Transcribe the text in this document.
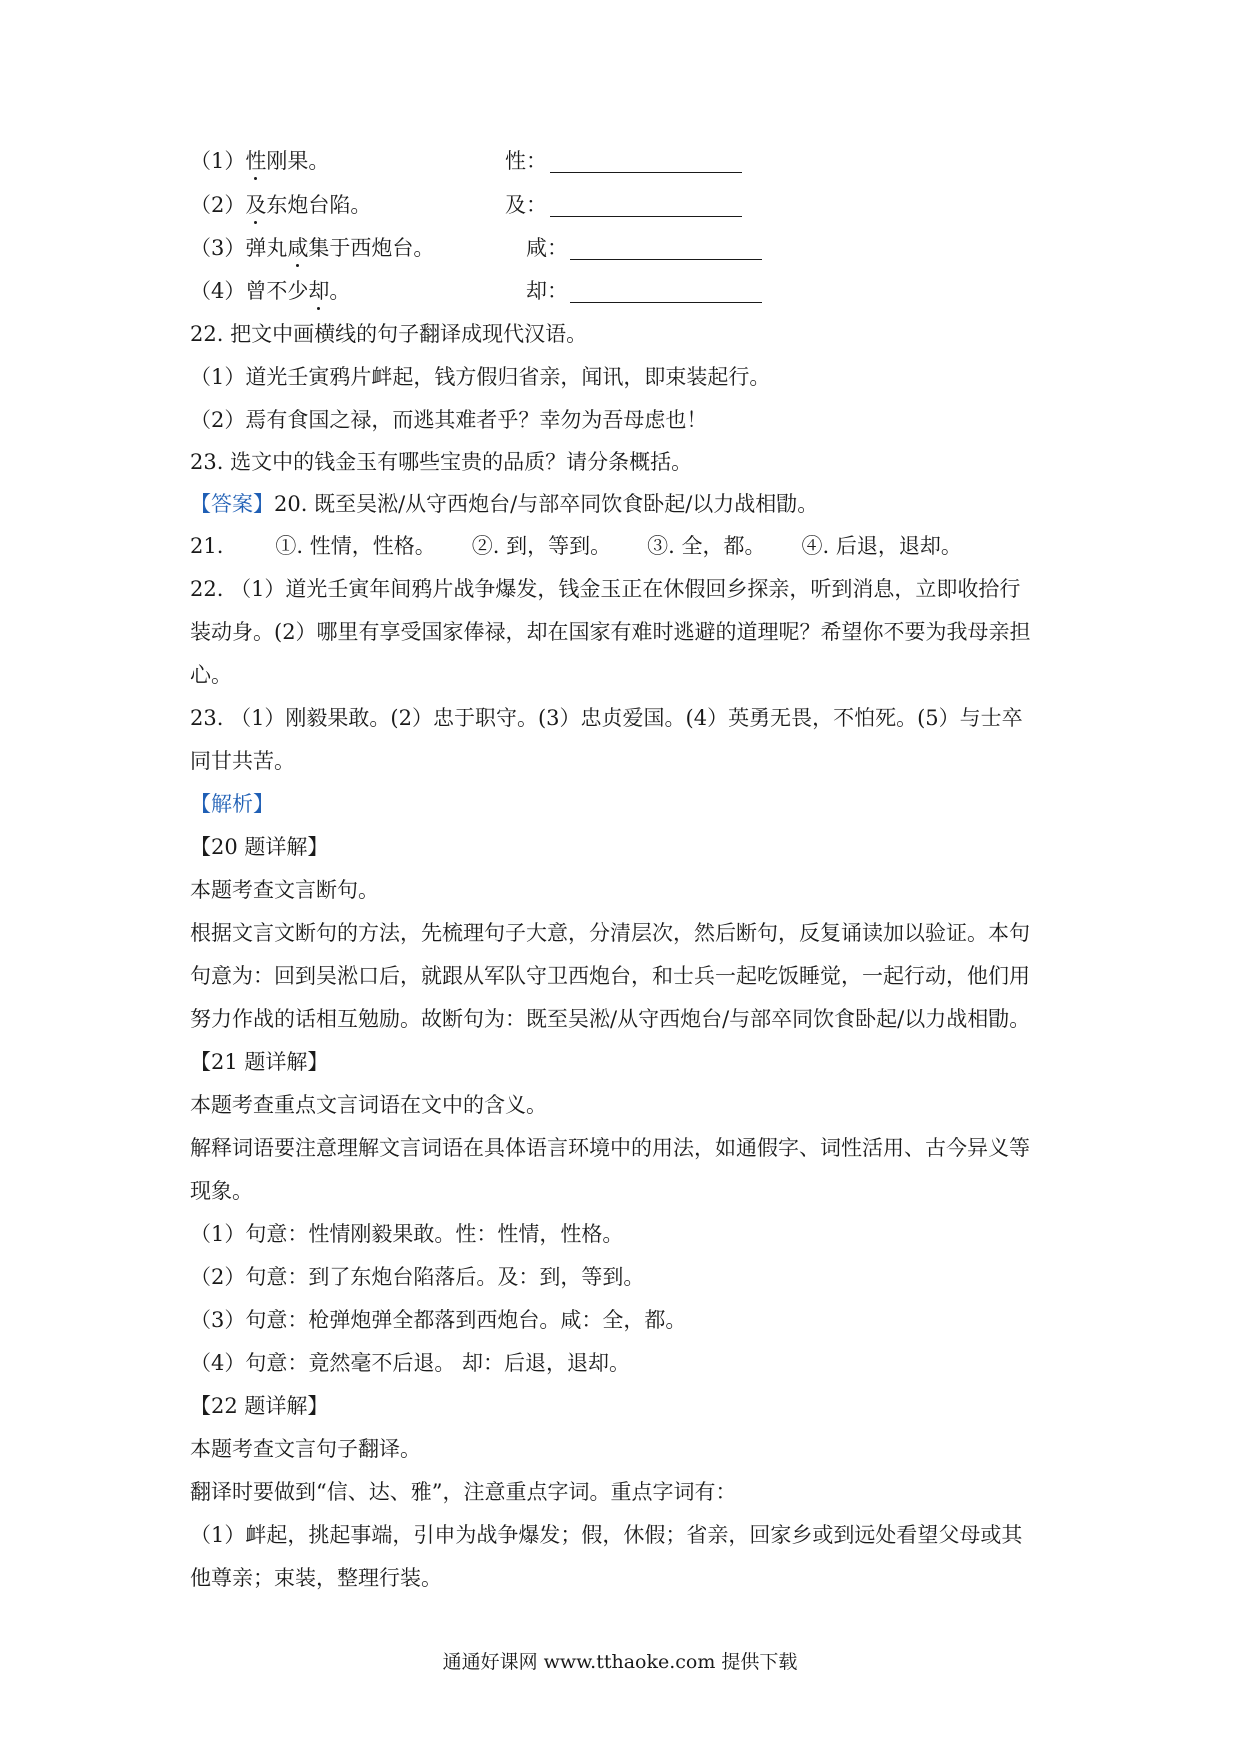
（1）性刚果。	性：
（2）及东炮台陷。	及：
（3）弹丸咸集于西炮台。	咸：
（4）曾不少却。	却：
22. 把文中画横线的句子翻译成现代汉语。
（1）道光壬寅鸦片衅起，钱方假归省亲，闻讯，即束装起行。
（2）焉有食国之禄，而逃其难者乎？幸勿为吾母虑也！
23. 选文中的钱金玉有哪些宝贵的品质？请分条概括。
【答案】20. 既至吴淞/从守西炮台/与部卒同饮食卧起/以力战相勖。
21. ①. 性情，性格。 ②. 到，等到。 ③. 全，都。 ④. 后退，退却。
22. （1）道光壬寅年间鸦片战争爆发，钱金玉正在休假回乡探亲，听到消息，立即收拾行
装动身。(2）哪里有享受国家俸禄，却在国家有难时逃避的道理呢？希望你不要为我母亲担
心。
23. （1）刚毅果敢。(2）忠于职守。(3）忠贞爱国。(4）英勇无畏，不怕死。(5）与士卒
同甘共苦。
【解析】
【20 题详解】
本题考查文言断句。
根据文言文断句的方法，先梳理句子大意，分清层次，然后断句，反复诵读加以验证。本句
句意为：回到吴淞口后，就跟从军队守卫西炮台，和士兵一起吃饭睡觉，一起行动，他们用
努力作战的话相互勉励。故断句为：既至吴淞/从守西炮台/与部卒同饮食卧起/以力战相勖。
【21 题详解】
本题考查重点文言词语在文中的含义。
解释词语要注意理解文言词语在具体语言环境中的用法，如通假字、词性活用、古今异义等
现象。
（1）句意：性情刚毅果敢。性：性情，性格。
（2）句意：到了东炮台陷落后。及：到，等到。
（3）句意：枪弹炮弹全都落到西炮台。咸：全，都。
（4）句意：竟然毫不后退。 却：后退，退却。
【22 题详解】
本题考查文言句子翻译。
翻译时要做到“信、达、雅”，注意重点字词。重点字词有：
（1）衅起，挑起事端，引申为战争爆发；假，休假；省亲，回家乡或到远处看望父母或其
他尊亲；束装，整理行装。
通通好课网 www.tthaoke.com 提供下载
